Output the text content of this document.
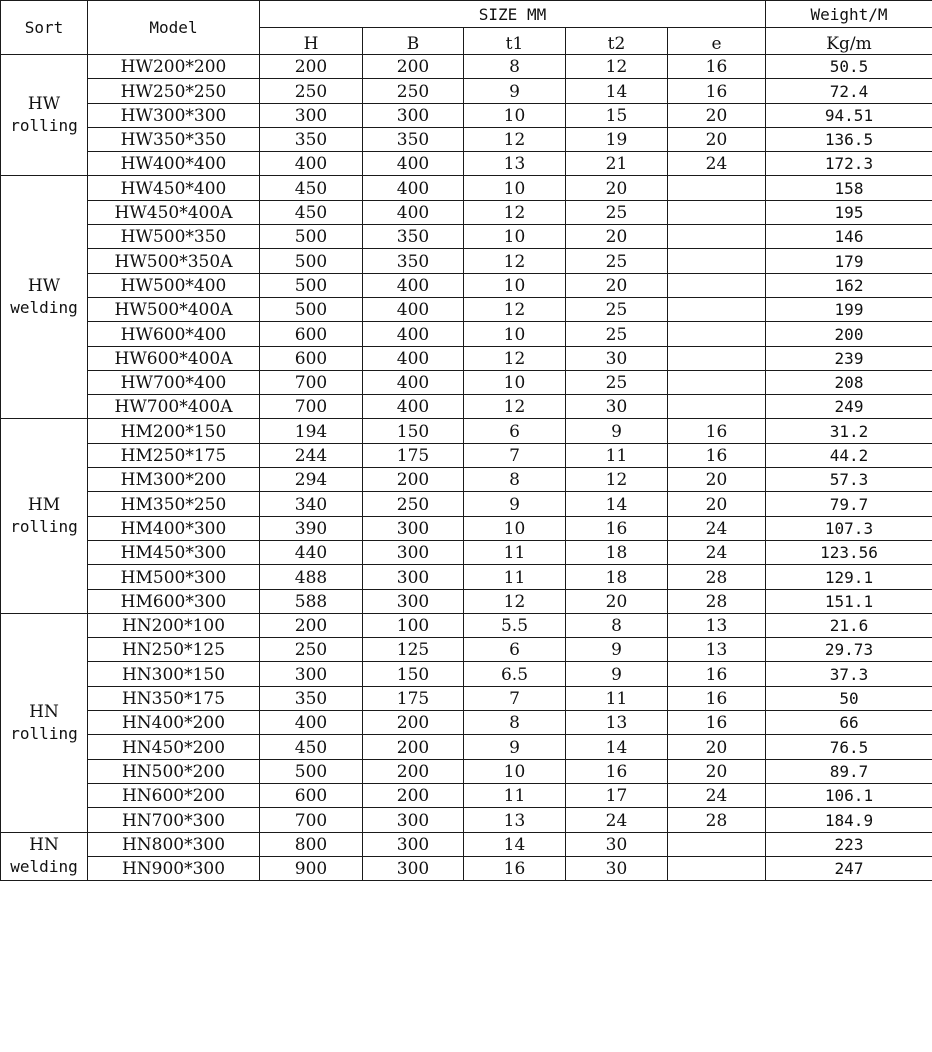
Sort	Model	SIZE MM					Weight/M
		H	B	t1	t2	e	Kg/m

HW
rolling	HW200*200	200	200	8	12	16	50.5
	HW250*250	250	250	9	14	16	72.4
	HW300*300	300	300	10	15	20	94.51
	HW350*350	350	350	12	19	20	136.5
	HW400*400	400	400	13	21	24	172.3

HW
welding	HW450*400	450	400	10	20		158
	HW450*400A	450	400	12	25		195
	HW500*350	500	350	10	20		146
	HW500*350A	500	350	12	25		179
	HW500*400	500	400	10	20		162
	HW500*400A	500	400	12	25		199
	HW600*400	600	400	10	25		200
	HW600*400A	600	400	12	30		239
	HW700*400	700	400	10	25		208
	HW700*400A	700	400	12	30		249

HM
rolling	HM200*150	194	150	6	9	16	31.2
	HM250*175	244	175	7	11	16	44.2
	HM300*200	294	200	8	12	20	57.3
	HM350*250	340	250	9	14	20	79.7
	HM400*300	390	300	10	16	24	107.3
	HM450*300	440	300	11	18	24	123.56
	HM500*300	488	300	11	18	28	129.1
	HM600*300	588	300	12	20	28	151.1

HN
rolling	HN200*100	200	100	5.5	8	13	21.6
	HN250*125	250	125	6	9	13	29.73
	HN300*150	300	150	6.5	9	16	37.3
	HN350*175	350	175	7	11	16	50
	HN400*200	400	200	8	13	16	66
	HN450*200	450	200	9	14	20	76.5
	HN500*200	500	200	10	16	20	89.7
	HN600*200	600	200	11	17	24	106.1
	HN700*300	700	300	13	24	28	184.9

HN
welding	HN800*300	800	300	14	30		223
	HN900*300	900	300	16	30		247
